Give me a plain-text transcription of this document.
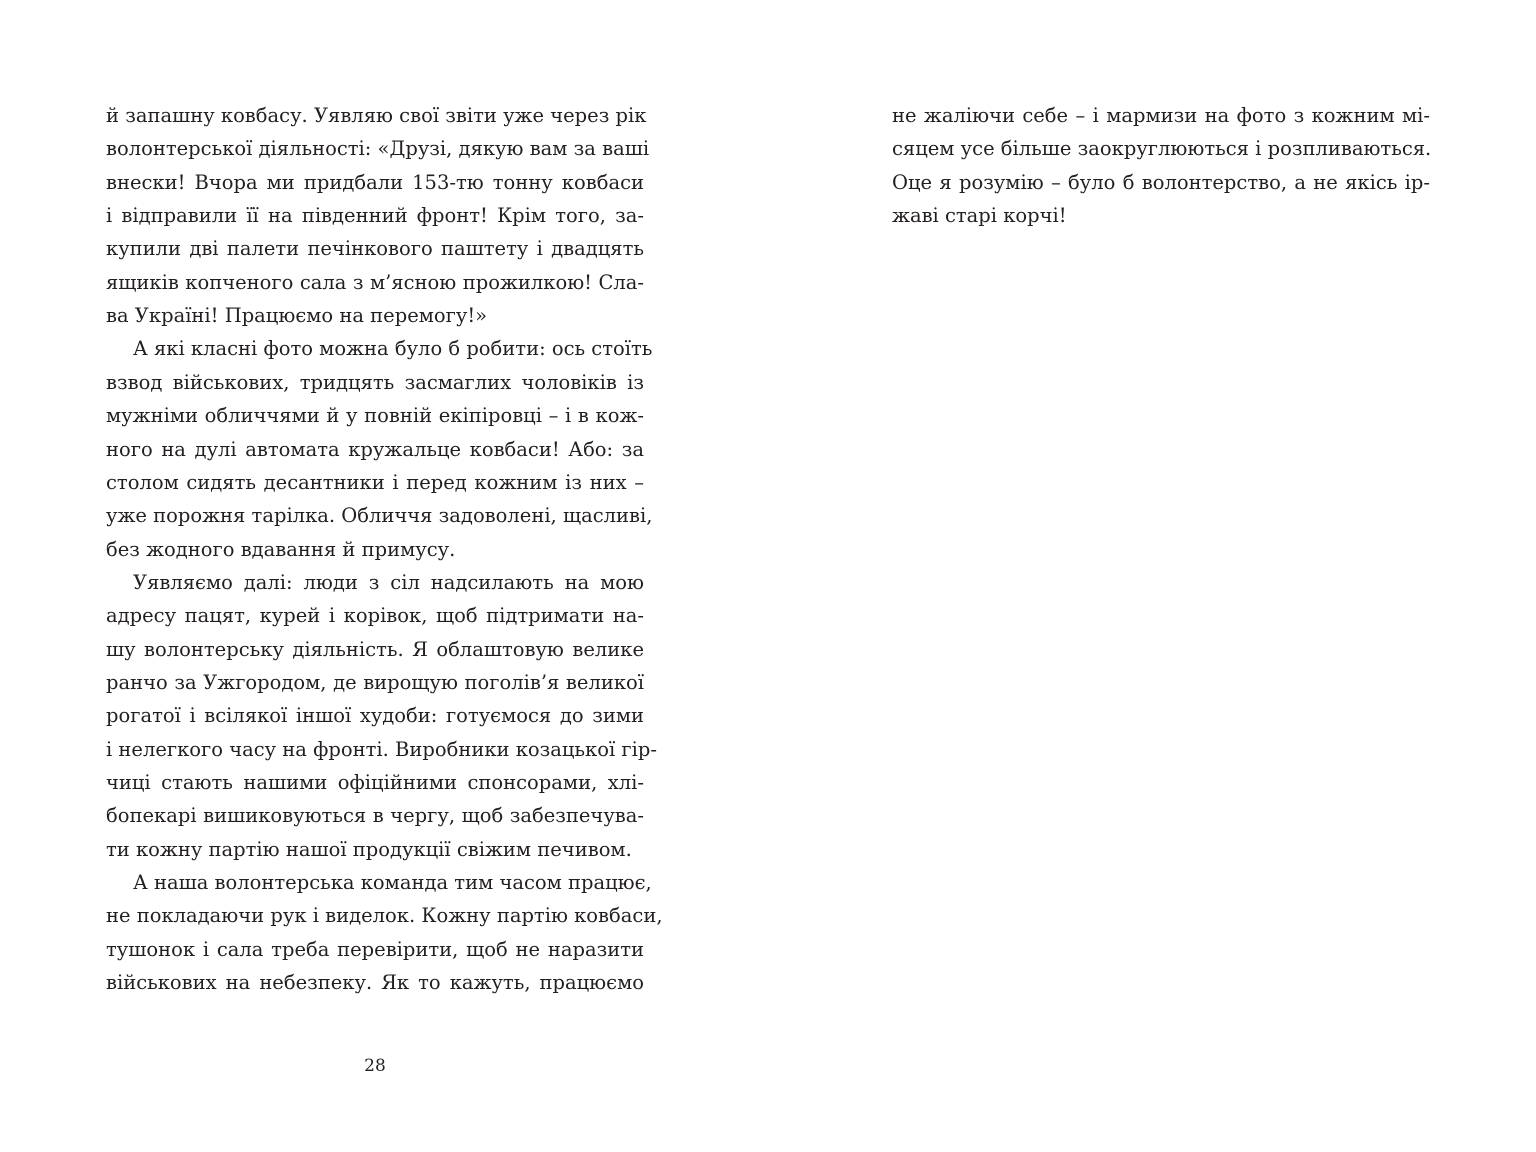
й запашну ковбасу. Уявляю свої звіти уже через рік
волонтерської діяльності: «Друзі, дякую вам за ваші
внески! Вчора ми придбали 153-тю тонну ковбаси
і відправили її на південний фронт! Крім того, за-
купили дві палети печінкового паштету і двадцять
ящиків копченого сала з м’ясною прожилкою! Сла-
ва Україні! Працюємо на перемогу!»
А які класні фото можна було б робити: ось стоїть
взвод військових, тридцять засмаглих чоловіків із
мужніми обличчями й у повній екіпіровці – і в кож-
ного на дулі автомата кружальце ковбаси! Або: за
столом сидять десантники і перед кожним із них –
уже порожня тарілка. Обличчя задоволені, щасливі,
без жодного вдавання й примусу.
Уявляємо далі: люди з сіл надсилають на мою
адресу пацят, курей і корівок, щоб підтримати на-
шу волонтерську діяльність. Я облаштовую велике
ранчо за Ужгородом, де вирощую поголів’я великої
рогатої і всілякої іншої худоби: готуємося до зими
і нелегкого часу на фронті. Виробники козацької гір-
чиці стають нашими офіційними спонсорами, хлі-
бопекарі вишиковуються в чергу, щоб забезпечува-
ти кожну партію нашої продукції свіжим печивом.
А наша волонтерська команда тим часом працює,
не покладаючи рук і виделок. Кожну партію ковбаси,
тушонок і сала треба перевірити, щоб не наразити
військових на небезпеку. Як то кажуть, працюємо
28
не жаліючи себе – і мармизи на фото з кожним мі-
сяцем усе більше заокруглюються і розпливаються.
Оце я розумію – було б волонтерство, а не якісь ір-
жаві старі корчі!
